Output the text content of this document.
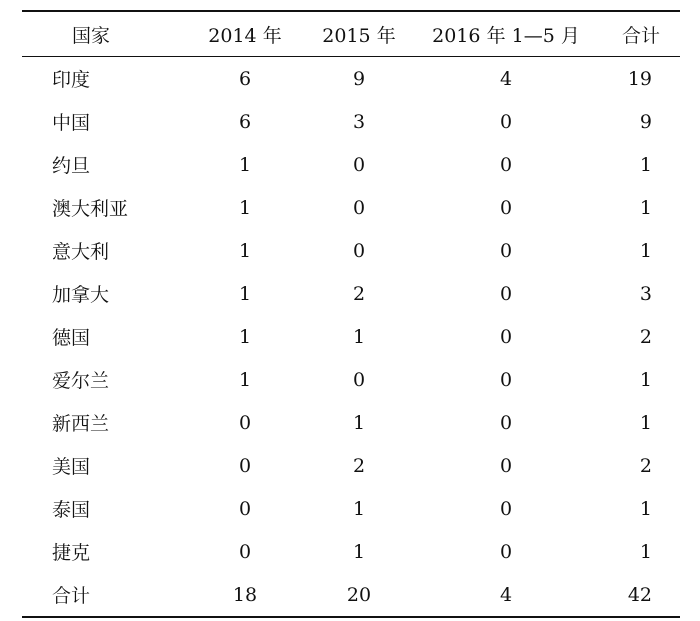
国家	2014 年	2015 年	2016 年 1—5 月	合计
印度	6	9	4	19
中国	6	3	0	9
约旦	1	0	0	1
澳大利亚	1	0	0	1
意大利	1	0	0	1
加拿大	1	2	0	3
德国	1	1	0	2
爱尔兰	1	0	0	1
新西兰	0	1	0	1
美国	0	2	0	2
泰国	0	1	0	1
捷克	0	1	0	1
合计	18	20	4	42
